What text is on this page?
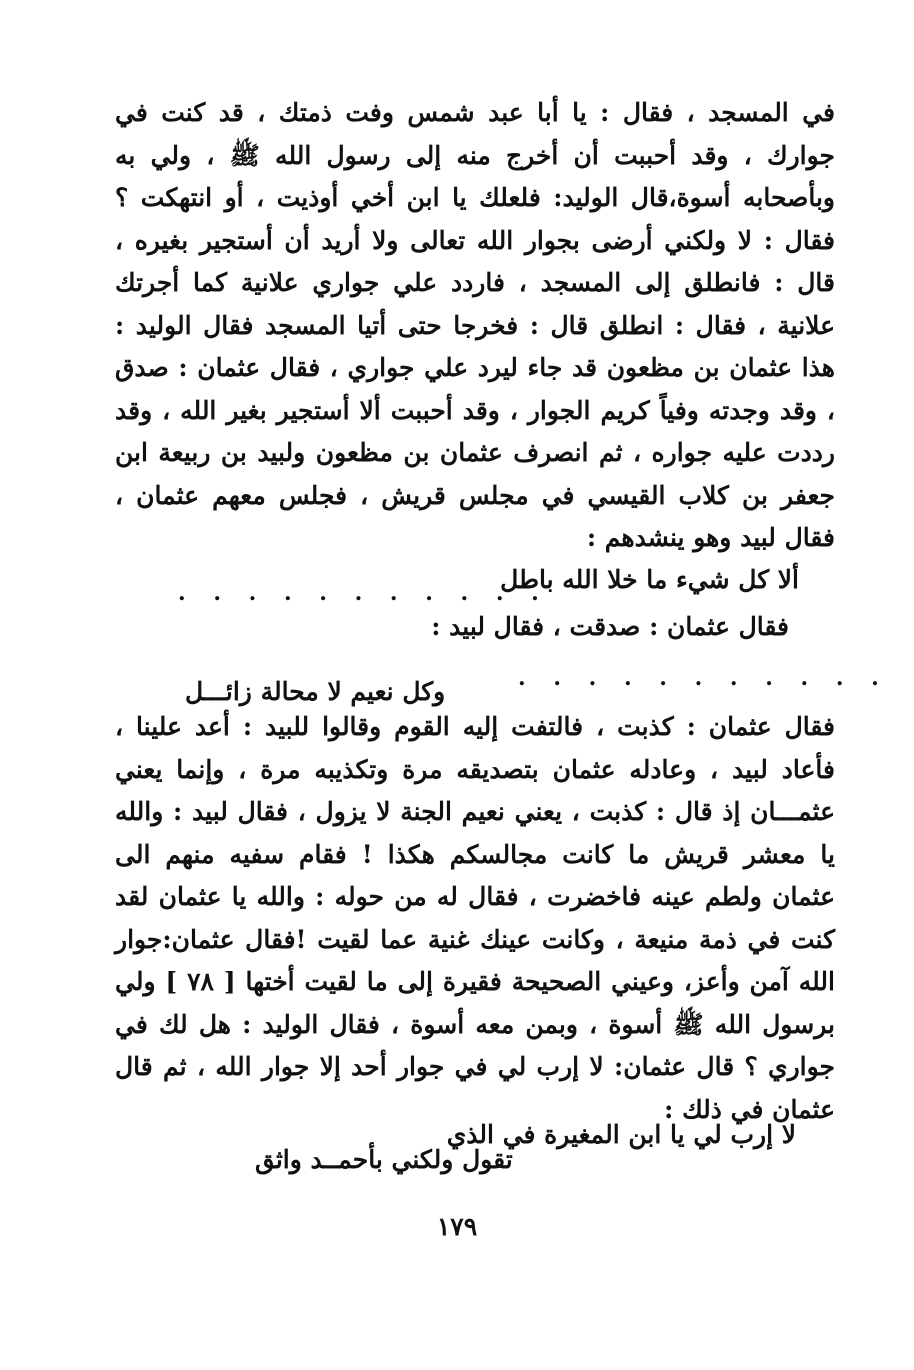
في المسجد ، فقال : يا أبا عبد شمس وفت ذمتك ، قد كنت في جوارك ، وقد أحببت أن أخرج منه إلى رسول الله ﷺ ، ولي به وبأصحابه أسوة،قال الوليد: فلعلك يا ابن أخي أوذيت ، أو انتهكت ؟ فقال : لا ولكني أرضى بجوار الله تعالى ولا أريد أن أستجير بغيره ، قال : فانطلق إلى المسجد ، فاردد علي جواري علانية كما أجرتك علانية ، فقال : انطلق قال : فخرجا حتى أتيا المسجد فقال الوليد : هذا عثمان بن مظعون قد جاء ليرد علي جواري ، فقال عثمان : صدق ، وقد وجدته وفياً كريم الجوار ، وقد أحببت ألا أستجير بغير الله ، وقد رددت عليه جواره ، ثم انصرف عثمان بن مظعون ولبيد بن ربيعة ابن جعفر بن كلاب القيسي في مجلس قريش ، فجلس معهم عثمان ، فقال لبيد وهو ينشدهم :
ألا كل شيء ما خلا الله باطل
. . . . . . . . . . .
فقال عثمان : صدقت ، فقال لبيد :
. . . . . . . . . . .
وكل نعيم لا محالة زائـــل
فقال عثمان : كذبت ، فالتفت إليه القوم وقالوا للبيد : أعد علينا ، فأعاد لبيد ، وعادله عثمان بتصديقه مرة وتكذيبه مرة ، وإنما يعني عثمـــان إذ قال : كذبت ، يعني نعيم الجنة لا يزول ، فقال لبيد : والله يا معشر قريش ما كانت مجالسكم هكذا ! فقام سفيه منهم الى عثمان ولطم عينه فاخضرت ، فقال له من حوله : والله يا عثمان لقد كنت في ذمة منيعة ، وكانت عينك غنية عما لقيت !فقال عثمان:جوار الله آمن وأعز، وعيني الصحيحة فقيرة إلى ما لقيت أختها [ ٧٨ ] ولي برسول الله ﷺ أسوة ، وبمن معه أسوة ، فقال الوليد : هل لك في جواري ؟ قال عثمان: لا إرب لي في جوار أحد إلا جوار الله ، ثم قال عثمان في ذلك :
لا إرب لي يا ابن المغيرة في الذي
تقول ولكني بأحمــد واثق
١٧٩
